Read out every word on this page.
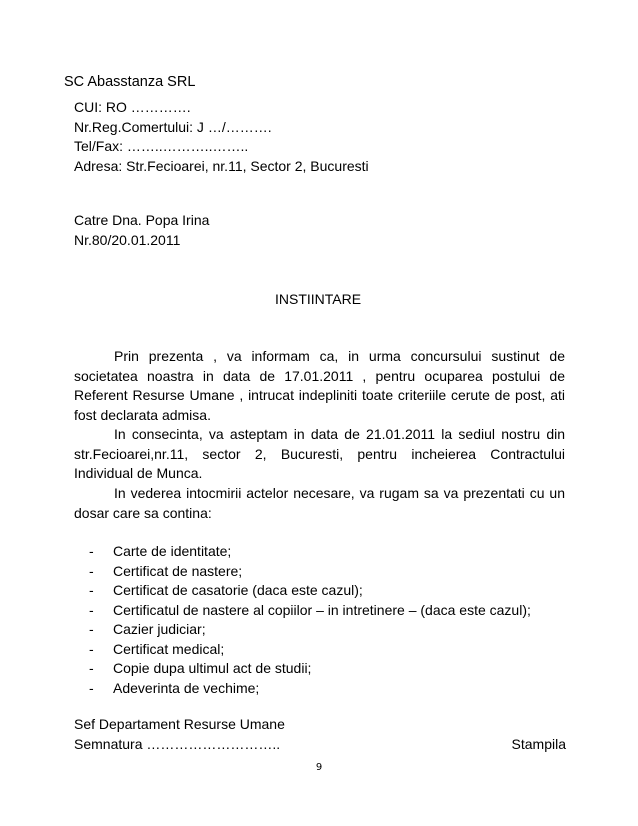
SC Abasstanza SRL
CUI: RO ………….
Nr.Reg.Comertului: J …/……….
Tel/Fax: ……..………..……..
Adresa: Str.Fecioarei, nr.11, Sector 2, Bucuresti
Catre Dna. Popa Irina
Nr.80/20.01.2011
INSTIINTARE
Prin prezenta , va informam ca, in urma concursului sustinut de societatea noastra in data de 17.01.2011 , pentru ocuparea postului de Referent Resurse Umane , intrucat indepliniti toate criteriile cerute de post, ati fost declarata admisa.
In consecinta, va asteptam in data de 21.01.2011 la sediul nostru din str.Fecioarei,nr.11, sector 2, Bucuresti, pentru incheierea Contractului Individual de Munca.
In vederea intocmirii actelor necesare, va rugam sa va prezentati cu un dosar care sa contina:
- Carte de identitate;
- Certificat de nastere;
- Certificat de casatorie (daca este cazul);
- Certificatul de nastere al copiilor – in intretinere – (daca este cazul);
- Cazier judiciar;
- Certificat medical;
- Copie dupa ultimul act de studii;
- Adeverinta de vechime;
Sef Departament Resurse Umane
Semnatura ………………………..	Stampila
9
